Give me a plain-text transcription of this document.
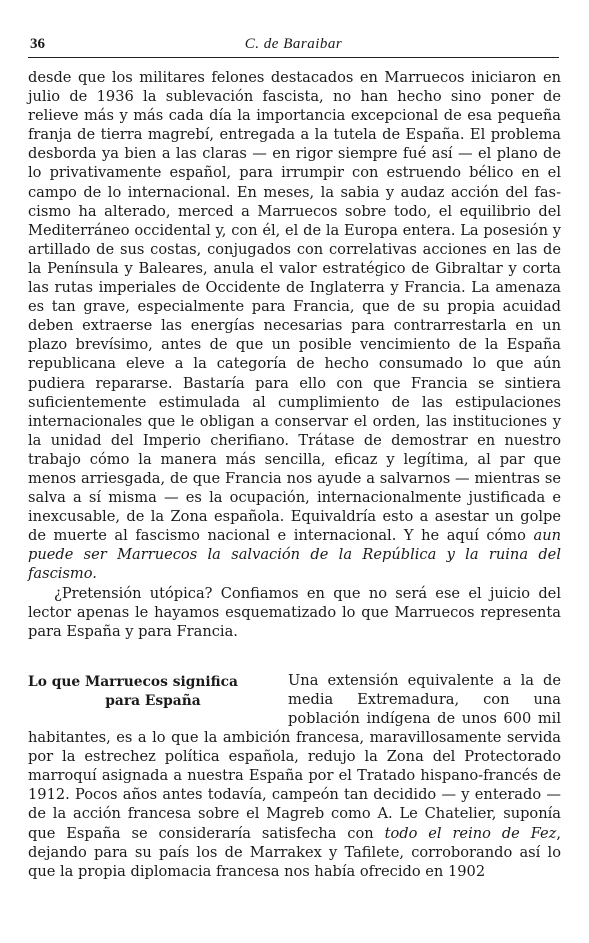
36	C. de Baraibar

desde que los militares felones destacados en Marruecos iniciaron en julio de 1936 la sublevación fascista, no han hecho sino poner de relieve más y más cada día la importancia excepcional de esa pequeña franja de tierra magrebí, entregada a la tutela de España. El problema desborda ya bien a las claras — en rigor siempre fué así — el plano de lo privativamente español, para irrumpir con estruendo bélico en el campo de lo internacional. En meses, la sabia y audaz acción del fascismo ha alterado, merced a Marruecos sobre todo, el equilibrio del Mediterráneo occidental y, con él, el de la Europa entera. La posesión y artillado de sus costas, conjugados con correlativas acciones en las de la Península y Baleares, anula el valor estratégico de Gibraltar y corta las rutas imperiales de Occidente de Inglaterra y Francia. La amenaza es tan grave, especialmente para Francia, que de su propia acuidad deben extraerse las energías necesarias para contrarrestarla en un plazo brevísimo, antes de que un posible vencimiento de la España republicana eleve a la categoría de hecho consumado lo que aún pudiera repararse. Bastaría para ello con que Francia se sintiera suficientemente estimulada al cumplimiento de las estipulaciones internacionales que le obligan a conservar el orden, las instituciones y la unidad del Imperio cherifiano. Trátase de demostrar en nuestro trabajo cómo la manera más sencilla, eficaz y legítima, al par que menos arriesgada, de que Francia nos ayude a salvarnos — mientras se salva a sí misma — es la ocupación, internacionalmente justificada e inexcusable, de la Zona española. Equivaldría esto a asestar un golpe de muerte al fascismo nacional e internacional. Y he aquí cómo aun puede ser Marruecos la salvación de la República y la ruina del fascismo.

¿Pretensión utópica? Confiamos en que no será ese el juicio del lector apenas le hayamos esquematizado lo que Marruecos representa para España y para Francia.

Lo que Marruecos significa
para España

Una extensión equivalente a la de media Extremadura, con una población indígena de unos 600 mil habitantes, es a lo que la ambición francesa, maravillosamente servida por la estrechez política española, redujo la Zona del Protectorado marroquí asignada a nuestra España por el Tratado hispano-francés de 1912. Pocos años antes todavía, campeón tan decidido — y enterado — de la acción francesa sobre el Magreb como A. Le Chatelier, suponía que España se consideraría satisfecha con todo el reino de Fez, dejando para su país los de Marrakex y Tafilete, corroborando así lo que la propia diplomacia francesa nos había ofrecido en 1902
